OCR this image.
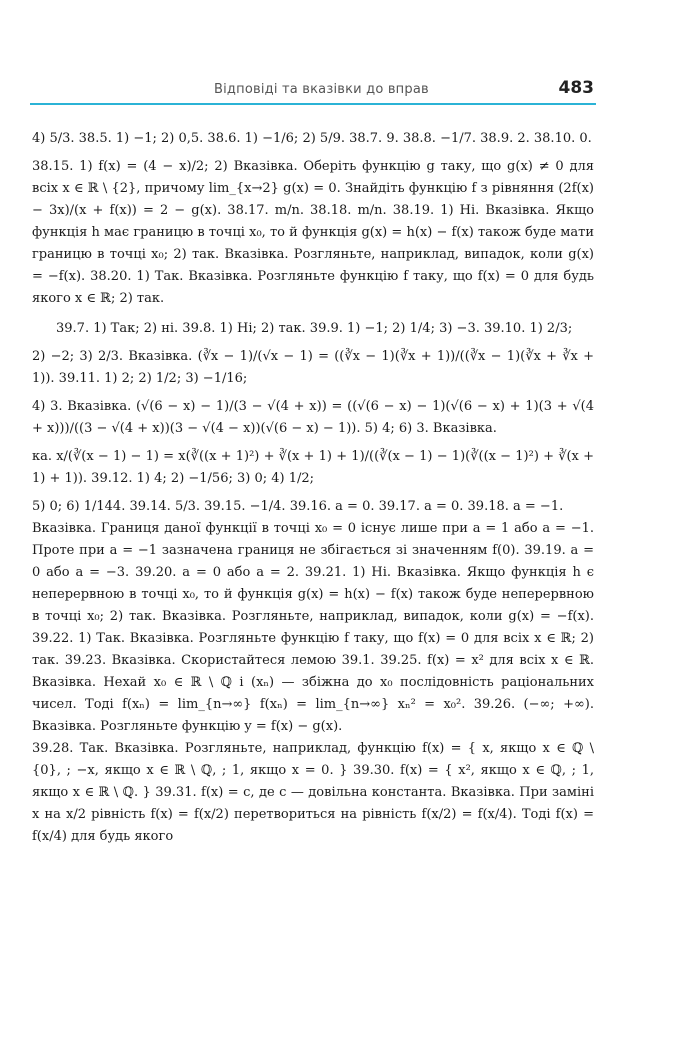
Відповіді та вказівки до вправ	483

4) 5/3. 38.5. 1) −1; 2) 0,5. 38.6. 1) −1/6; 2) 5/9. 38.7. 9. 38.8. −1/7. 38.9. 2. 38.10. 0.

38.15. 1) f(x) = (4 − x)/2; 2) Вказівка. Оберіть функцію g таку, що g(x) ≠ 0 для всіх x ∈ ℝ \ {2}, причому lim_{x→2} g(x) = 0. Знайдіть функцію f з рівняння (2f(x) − 3x)/(x + f(x)) = 2 − g(x). 38.17. m/n. 38.18. m/n. 38.19. 1) Ні. Вказівка. Якщо функція h має границю в точці x₀, то й функція g(x) = h(x) − f(x) також буде мати границю в точці x₀; 2) так. Вказівка. Розгляньте, наприклад, випадок, коли g(x) = −f(x). 38.20. 1) Так. Вказівка. Розгляньте функцію f таку, що f(x) = 0 для будь якого x ∈ ℝ; 2) так.

39.7. 1) Так; 2) ні. 39.8. 1) Ні; 2) так. 39.9. 1) −1; 2) 1/4; 3) −3. 39.10. 1) 2/3;

2) −2; 3) 2/3. Вказівка. (∛x − 1)/(√x − 1) = ((∛x − 1)(∛x + 1))/((∛x − 1)(∛x + ∛x + 1)). 39.11. 1) 2; 2) 1/2; 3) −1/16;

4) 3. Вказівка. (√(6 − x) − 1)/(3 − √(4 + x)) = ((√(6 − x) − 1)(√(6 − x) + 1)(3 + √(4 + x)))/((3 − √(4 + x))(3 − √(4 − x))(√(6 − x) − 1)). 5) 4; 6) 3. Вказівка.

ка. x/(∛(x − 1) − 1) = x(∛((x + 1)²) + ∛(x + 1) + 1)/((∛(x − 1) − 1)(∛((x − 1)²) + ∛(x + 1) + 1)). 39.12. 1) 4; 2) −1/56; 3) 0; 4) 1/2;

5) 0; 6) 1/144. 39.14. 5/3. 39.15. −1/4. 39.16. a = 0. 39.17. a = 0. 39.18. a = −1.

Вказівка. Границя даної функції в точці x₀ = 0 існує лише при a = 1 або a = −1. Проте при a = −1 зазначена границя не збігається зі значенням f(0). 39.19. a = 0 або a = −3. 39.20. a = 0 або a = 2. 39.21. 1) Ні. Вказівка. Якщо функція h є неперервною в точці x₀, то й функція g(x) = h(x) − f(x) також буде неперервною в точці x₀; 2) так. Вказівка. Розгляньте, наприклад, випадок, коли g(x) = −f(x). 39.22. 1) Так. Вказівка. Розгляньте функцію f таку, що f(x) = 0 для всіх x ∈ ℝ; 2) так. 39.23. Вказівка. Скористайтеся лемою 39.1. 39.25. f(x) = x² для всіх x ∈ ℝ. Вказівка. Нехай x₀ ∈ ℝ \ ℚ і (xₙ) — збіжна до x₀ послідовність раціональних чисел. Тоді f(xₙ) = lim_{n→∞} f(xₙ) = lim_{n→∞} xₙ² = x₀². 39.26. (−∞; +∞). Вказівка. Розгляньте функцію y = f(x) − g(x).

39.28. Так. Вказівка. Розгляньте, наприклад, функцію f(x) = { x, якщо x ∈ ℚ \ {0}, ; −x, якщо x ∈ ℝ \ ℚ, ; 1, якщо x = 0. } 39.30. f(x) = { x², якщо x ∈ ℚ, ; 1, якщо x ∈ ℝ \ ℚ. } 39.31. f(x) = c, де c — довільна константа. Вказівка. При заміні x на x/2 рівність f(x) = f(x/2) перетвориться на рівність f(x/2) = f(x/4). Тоді f(x) = f(x/4) для будь якого
